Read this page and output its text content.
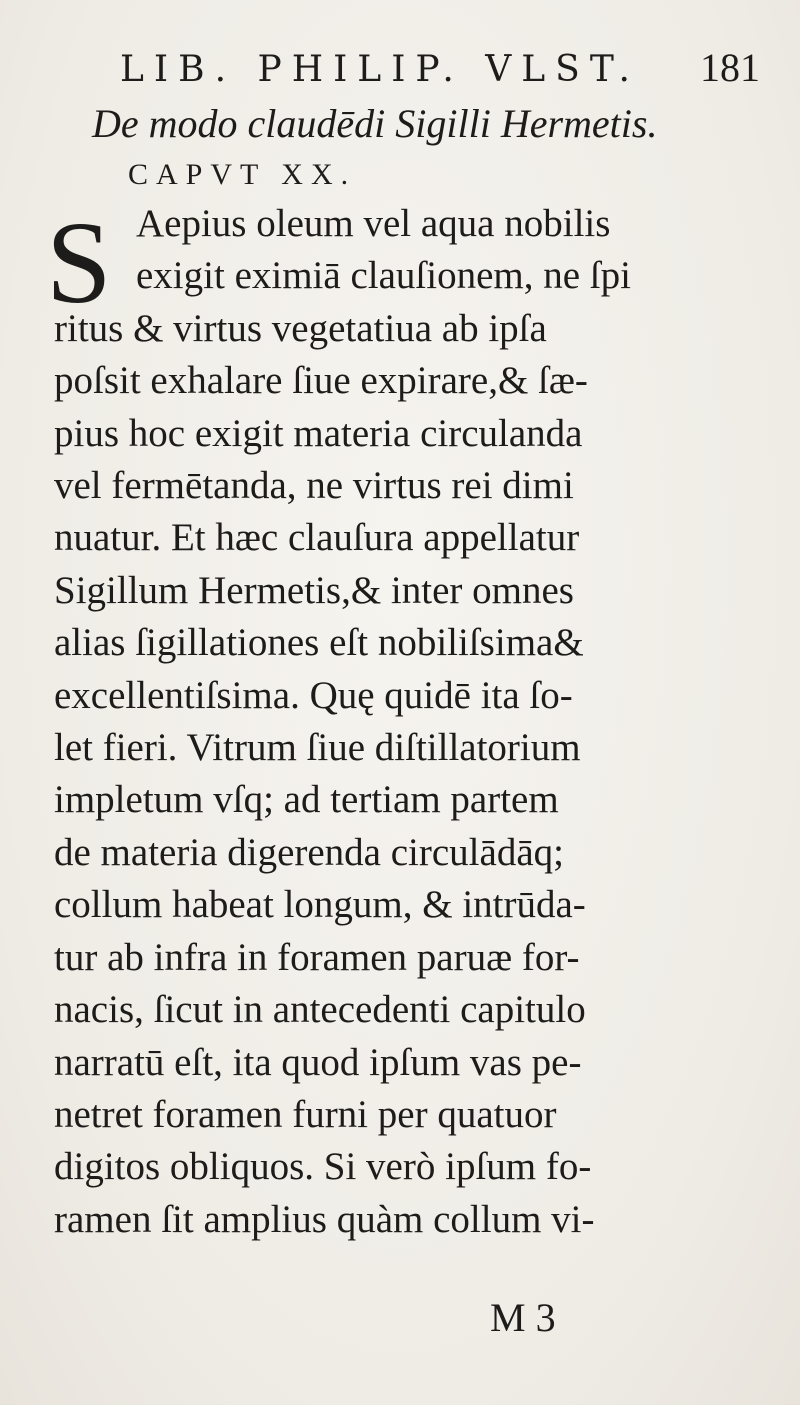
LIB. PHILIP. VLST. 181
De modo claudēdi Sigilli Hermetis.
CAPVT XX.
S Aepius oleum vel aqua nobilis
exigit eximiā clauſionem, ne ſpi
ritus & virtus vegetatiua ab ipſa
poſsit exhalare ſiue expirare,& ſæ-
pius hoc exigit materia circulanda
vel fermētanda, ne virtus rei dimi
nuatur. Et hæc clauſura appellatur
Sigillum Hermetis,& inter omnes
alias ſigillationes eſt nobiliſsima&
excellentiſsima. Quę quidē ita ſo-
let fieri. Vitrum ſiue diſtillatorium
impletum vſq; ad tertiam partem
de materia digerenda circulādāq;
collum habeat longum, & intrūda-
tur ab infra in foramen paruæ for-
nacis, ſicut in antecedenti capitulo
narratū eſt, ita quod ipſum vas pe-
netret foramen furni per quatuor
digitos obliquos. Si verò ipſum fo-
ramen ſit amplius quàm collum vi-
M 3
